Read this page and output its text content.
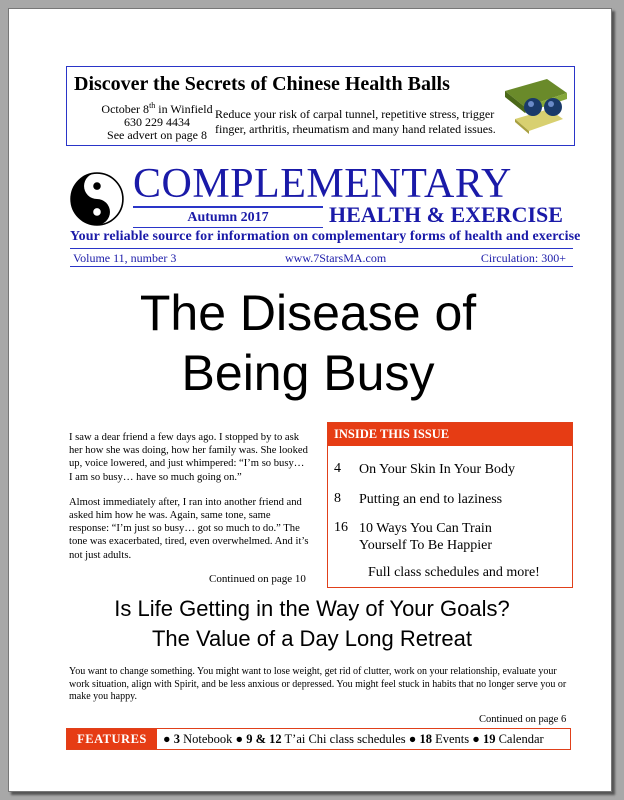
Discover the Secrets of Chinese Health Balls
October 8th in Winfield
630 229 4434
See advert on page 8
Reduce your risk of carpal tunnel, repetitive stress, trigger finger, arthritis, rheumatism and many hand related issues.
COMPLEMENTARY
Autumn 2017	HEALTH & EXERCISE
Your reliable source for information on complementary forms of health and exercise
Volume 11, number 3	www.7StarsMA.com	Circulation: 300+
The Disease of
Being Busy

I saw a dear friend a few days ago. I stopped by to ask her how she was doing, how her family was. She looked up, voice lowered, and just whimpered: “I’m so busy… I am so busy… have so much going on.”

Almost immediately after, I ran into another friend and asked him how he was. Again, same tone, same response: “I’m just so busy… got so much to do.” The tone was exacerbated, tired, even overwhelmed. And it’s not just adults.

Continued on page 10
INSIDE THIS ISSUE
4 On Your Skin In Your Body
8 Putting an end to laziness
16 10 Ways You Can Train
Yourself To Be Happier
Full class schedules and more!
Is Life Getting in the Way of Your Goals?
The Value of a Day Long Retreat
You want to change something. You might want to lose weight, get rid of clutter, work on your relationship, evaluate your work situation, align with Spirit, and be less anxious or depressed. You might feel stuck in habits that no longer serve you or make you happy.
Continued on page 6
FEATURES	● 3 Notebook ● 9 & 12 T’ai Chi class schedules ● 18 Events ● 19 Calendar
